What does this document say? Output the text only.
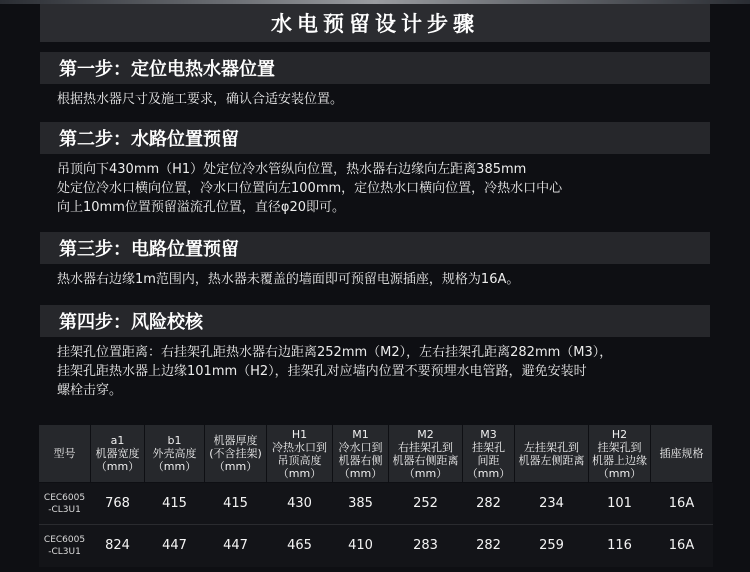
水电预留设计步骤
第一步：定位电热水器位置
根据热水器尺寸及施工要求，确认合适安装位置。
第二步：水路位置预留
吊顶向下430mm（H1）处定位冷水管纵向位置，热水器右边缘向左距离385mm
处定位冷水口横向位置，冷水口位置向左100mm，定位热水口横向位置，冷热水口中心
向上10mm位置预留溢流孔位置，直径φ20即可。
第三步：电路位置预留
热水器右边缘1m范围内，热水器未覆盖的墙面即可预留电源插座，规格为16A。
第四步：风险校核
挂架孔位置距离：右挂架孔距热水器右边距离252mm（M2），左右挂架孔距离282mm（M3），
挂架孔距热水器上边缘101mm（H2），挂架孔对应墙内位置不要预埋水电管路，避免安装时
螺栓击穿。
型号	a1
机器宽度
（mm）	b1
外壳高度
（mm）	机器厚度
(不含挂架)
（mm）	H1
冷热水口到
吊顶高度
（mm）	M1
冷水口到
机器右侧
（mm）	M2
右挂架孔到
机器右侧距离
（mm）	M3
挂架孔
间距
（mm）	左挂架孔到
机器左侧距离	H2
挂架孔到
机器上边缘
（mm）	插座规格

CEC6005
-CL3U1	768	415	415	430	385	252	282	234	101	16A

CEC6005
-CL3U1	824	447	447	465	410	283	282	259	116	16A
